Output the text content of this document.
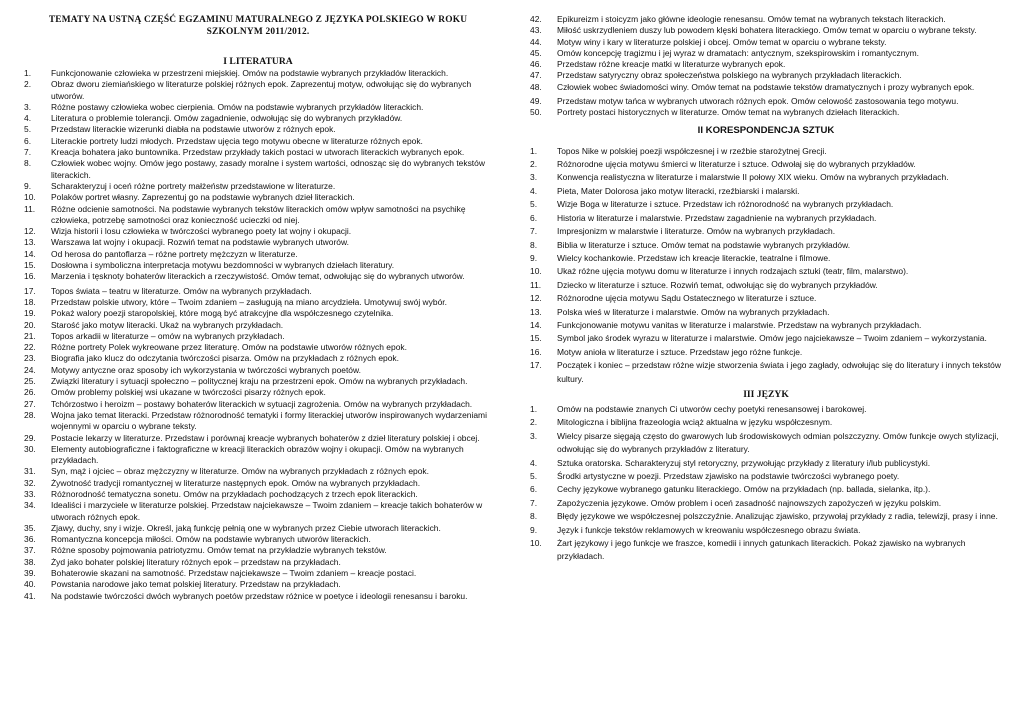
TEMATY NA USTNĄ CZĘŚĆ EGZAMINU MATURALNEGO Z JĘZYKA POLSKIEGO W ROKU SZKOLNYM 2011/2012.
I LITERATURA
1. Funkcjonowanie człowieka w przestrzeni miejskiej. Omów na podstawie wybranych przykładów literackich.
2. Obraz dworu ziemiańskiego w literaturze polskiej różnych epok. Zaprezentuj motyw, odwołując się do wybranych utworów.
3. Różne postawy człowieka wobec cierpienia. Omów na podstawie wybranych przykładów literackich.
4. Literatura o problemie tolerancji. Omów zagadnienie, odwołując się do wybranych przykładów.
5. Przedstaw literackie wizerunki diabła na podstawie utworów z różnych epok.
6. Literackie portrety ludzi młodych. Przedstaw ujęcia tego motywu obecne w literaturze różnych epok.
7. Kreacja bohatera jako buntownika. Przedstaw przykłady takich postaci w utworach literackich wybranych epok.
8. Człowiek wobec wojny. Omów jego postawy, zasady moralne i system wartości, odnosząc się do wybranych tekstów literackich.
9. Scharakteryzuj i oceń różne portrety małżeństw przedstawione w literaturze.
10. Polaków portret własny. Zaprezentuj go na podstawie wybranych dzieł literackich.
11. Różne odcienie samotności. Na podstawie wybranych tekstów literackich omów wpływ samotności na psychikę człowieka, potrzebę samotności oraz konieczność ucieczki od niej.
12. Wizja historii i losu człowieka w twórczości wybranego poety lat wojny i okupacji.
13. Warszawa lat wojny i okupacji. Rozwiń temat na podstawie wybranych utworów.
14. Od herosa do pantoflarza – różne portrety mężczyzn w literaturze.
15. Dosłowna i symboliczna interpretacja motywu bezdomności w wybranych dziełach literatury.
16. Marzenia i tęsknoty bohaterów literackich a rzeczywistość. Omów temat, odwołując się do wybranych utworów.
17. Topos świata – teatru w literaturze. Omów na wybranych przykładach.
18. Przedstaw polskie utwory, które – Twoim zdaniem – zasługują na miano arcydzieła. Umotywuj swój wybór.
19. Pokaż walory poezji staropolskiej, które mogą być atrakcyjne dla współczesnego czytelnika.
20. Starość jako motyw literacki. Ukaż na wybranych przykładach.
21. Topos arkadii w literaturze – omów na wybranych przykładach.
22. Różne portrety Polek wykreowane przez literaturę. Omów na podstawie utworów różnych epok.
23. Biografia jako klucz do odczytania twórczości pisarza. Omów na przykładach z różnych epok.
24. Motywy antyczne oraz sposoby ich wykorzystania w twórczości wybranych poetów.
25. Związki literatury i sytuacji społeczno – politycznej kraju na przestrzeni epok. Omów na wybranych przykładach.
26. Omów problemy polskiej wsi ukazane w twórczości pisarzy różnych epok.
27. Tchórzostwo i heroizm – postawy bohaterów literackich w sytuacji zagrożenia. Omów na wybranych przykładach.
28. Wojna jako temat literacki. Przedstaw różnorodność tematyki i formy literackiej utworów inspirowanych wydarzeniami wojennymi w oparciu o wybrane teksty.
29. Postacie lekarzy w literaturze. Przedstaw i porównaj kreacje wybranych bohaterów z dzieł literatury polskiej i obcej.
30. Elementy autobiograficzne i faktograficzne w kreacji literackich obrazów wojny i okupacji. Omów na wybranych przykładach.
31. Syn, mąż i ojciec – obraz mężczyzny w literaturze. Omów na wybranych przykładach z różnych epok.
32. Żywotność tradycji romantycznej w literaturze następnych epok. Omów na wybranych przykładach.
33. Różnorodność tematyczna sonetu. Omów na przykładach pochodzących z trzech epok literackich.
34. Idealiści i marzyciele w literaturze polskiej. Przedstaw najciekawsze – Twoim zdaniem – kreacje takich bohaterów w utworach różnych epok.
35. Zjawy, duchy, sny i wizje. Określ, jaką funkcję pełnią one w wybranych przez Ciebie utworach literackich.
36. Romantyczna koncepcja miłości. Omów na podstawie wybranych utworów literackich.
37. Różne sposoby pojmowania patriotyzmu. Omów temat na przykładzie wybranych tekstów.
38. Żyd jako bohater polskiej literatury różnych epok – przedstaw na przykładach.
39. Bohaterowie skazani na samotność. Przedstaw najciekawsze – Twoim zdaniem – kreacje postaci.
40. Powstania narodowe jako temat polskiej literatury. Przedstaw na przykładach.
41. Na podstawie twórczości dwóch wybranych poetów przedstaw różnice w poetyce i ideologii renesansu i baroku.
42. Epikureizm i stoicyzm jako główne ideologie renesansu. Omów temat na wybranych tekstach literackich.
43. Miłość uskrzydleniem duszy lub powodem klęski bohatera literackiego. Omów temat w oparciu o wybrane teksty.
44. Motyw winy i kary w literaturze polskiej i obcej. Omów temat w oparciu o wybrane teksty.
45. Omów koncepcję tragizmu i jej wyraz w dramatach: antycznym, szekspirowskim i romantycznym.
46. Przedstaw różne kreacje matki w literaturze wybranych epok.
47. Przedstaw satyryczny obraz społeczeństwa polskiego na wybranych przykładach literackich.
48. Człowiek wobec świadomości winy. Omów temat na podstawie tekstów dramatycznych i prozy wybranych epok.
49. Przedstaw motyw tańca w wybranych utworach różnych epok. Omów celowość zastosowania tego motywu.
50. Portrety postaci historycznych w literaturze. Omów temat na wybranych dziełach literackich.
II KORESPONDENCJA SZTUK
1. Topos Nike w polskiej poezji współczesnej i w rzeźbie starożytnej Grecji.
2. Różnorodne ujęcia motywu śmierci w literaturze i sztuce. Odwołaj się do wybranych przykładów.
3. Konwencja realistyczna w literaturze i malarstwie II połowy XIX wieku. Omów na wybranych przykładach.
4. Pieta, Mater Dolorosa jako motyw literacki, rzeźbiarski i malarski.
5. Wizje Boga w literaturze i sztuce. Przedstaw ich różnorodność na wybranych przykładach.
6. Historia w literaturze i malarstwie. Przedstaw zagadnienie na wybranych przykładach.
7. Impresjonizm w malarstwie i literaturze. Omów na wybranych przykładach.
8. Biblia w literaturze i sztuce. Omów temat na podstawie wybranych przykładów.
9. Wielcy kochankowie. Przedstaw ich kreacje literackie, teatralne i filmowe.
10. Ukaż różne ujęcia motywu domu w literaturze i innych rodzajach sztuki (teatr, film, malarstwo).
11. Dziecko w literaturze i sztuce. Rozwiń temat, odwołując się do wybranych przykładów.
12. Różnorodne ujęcia motywu Sądu Ostatecznego w literaturze i sztuce.
13. Polska wieś w literaturze i malarstwie. Omów na wybranych przykładach.
14. Funkcjonowanie motywu vanitas w literaturze i malarstwie. Przedstaw na wybranych przykładach.
15. Symbol jako środek wyrazu w literaturze i malarstwie. Omów jego najciekawsze – Twoim zdaniem – wykorzystania.
16. Motyw anioła w literaturze i sztuce. Przedstaw jego różne funkcje.
17. Początek i koniec – przedstaw różne wizje stworzenia świata i jego zagłady, odwołując się do literatury i innych tekstów kultury.
III JĘZYK
1. Omów na podstawie znanych Ci utworów cechy poetyki renesansowej i barokowej.
2. Mitologiczna i biblijna frazeologia wciąż aktualna w języku współczesnym.
3. Wielcy pisarze sięgają często do gwarowych lub środowiskowych odmian polszczyzny. Omów funkcje owych stylizacji, odwołując się do wybranych przykładów z literatury.
4. Sztuka oratorska. Scharakteryzuj styl retoryczny, przywołując przykłady z literatury i/lub publicystyki.
5. Środki artystyczne w poezji. Przedstaw zjawisko na podstawie twórczości wybranego poety.
6. Cechy językowe wybranego gatunku literackiego. Omów na przykładach (np. ballada, sielanka, itp.).
7. Zapożyczenia językowe. Omów problem i oceń zasadność najnowszych zapożyczeń w języku polskim.
8. Błędy językowe we współczesnej polszczyźnie. Analizując zjawisko, przywołaj przykłady z radia, telewizji, prasy i inne.
9. Język i funkcje tekstów reklamowych w kreowaniu współczesnego obrazu świata.
10. Żart językowy i jego funkcje we fraszce, komedii i innych gatunkach literackich. Pokaż zjawisko na wybranych przykładach.
